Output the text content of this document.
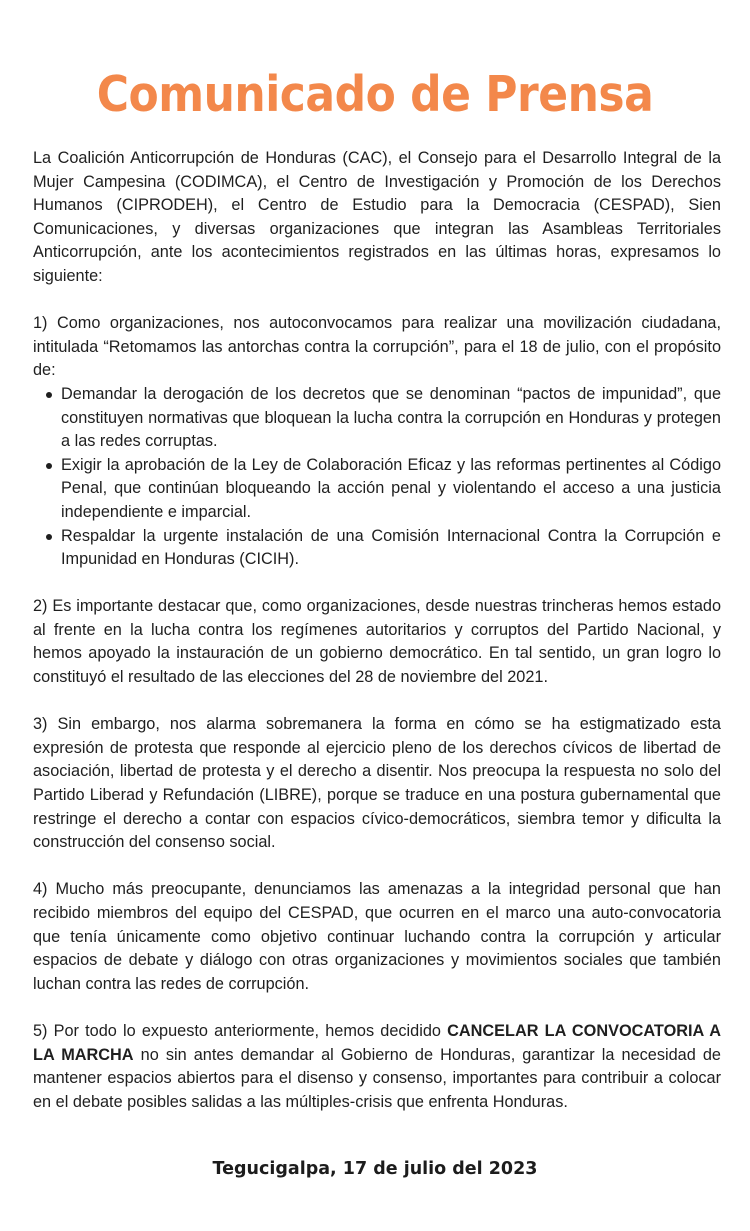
Comunicado de Prensa

La Coalición Anticorrupción de Honduras (CAC), el Consejo para el Desarrollo Integral de la Mujer Campesina (CODIMCA), el Centro de Investigación y Promoción de los Derechos Humanos (CIPRODEH), el Centro de Estudio para la Democracia (CESPAD), Sien Comunicaciones, y diversas organizaciones que integran las Asambleas Territoriales Anticorrupción, ante los acontecimientos registrados en las últimas horas, expresamos lo siguiente:

1) Como organizaciones, nos autoconvocamos para realizar una movilización ciudadana, intitulada “Retomamos las antorchas contra la corrupción”, para el 18 de julio, con el propósito de:

Demandar la derogación de los decretos que se denominan “pactos de impunidad”, que constituyen normativas que bloquean la lucha contra la corrupción en Honduras y protegen a las redes corruptas.
Exigir la aprobación de la Ley de Colaboración Eficaz y las reformas pertinentes al Código Penal, que continúan bloqueando la acción penal y violentando el acceso a una justicia independiente e imparcial.
Respaldar la urgente instalación de una Comisión Internacional Contra la Corrupción e Impunidad en Honduras (CICIH).

2) Es importante destacar que, como organizaciones, desde nuestras trincheras hemos estado al frente en la lucha contra los regímenes autoritarios y corruptos del Partido Nacional, y hemos apoyado la instauración de un gobierno democrático. En tal sentido, un gran logro lo constituyó el resultado de las elecciones del 28 de noviembre del 2021.

3) Sin embargo, nos alarma sobremanera la forma en cómo se ha estigmatizado esta expresión de protesta que responde al ejercicio pleno de los derechos cívicos de libertad de asociación, libertad de protesta y el derecho a disentir. Nos preocupa la respuesta no solo del Partido Liberad y Refundación (LIBRE), porque se traduce en una postura gubernamental que restringe el derecho a contar con espacios cívico-democráticos, siembra temor y dificulta la construcción del consenso social.

4) Mucho más preocupante, denunciamos las amenazas a la integridad personal que han recibido miembros del equipo del CESPAD, que ocurren en el marco una auto-convocatoria que tenía únicamente como objetivo continuar luchando contra la corrupción y articular espacios de debate y diálogo con otras organizaciones y movimientos sociales que también luchan contra las redes de corrupción.

5) Por todo lo expuesto anteriormente, hemos decidido CANCELAR LA CONVOCATORIA A LA MARCHA no sin antes demandar al Gobierno de Honduras, garantizar la necesidad de mantener espacios abiertos para el disenso y consenso, importantes para contribuir a colocar en el debate posibles salidas a las múltiples-crisis que enfrenta Honduras.

Tegucigalpa, 17 de julio del 2023
